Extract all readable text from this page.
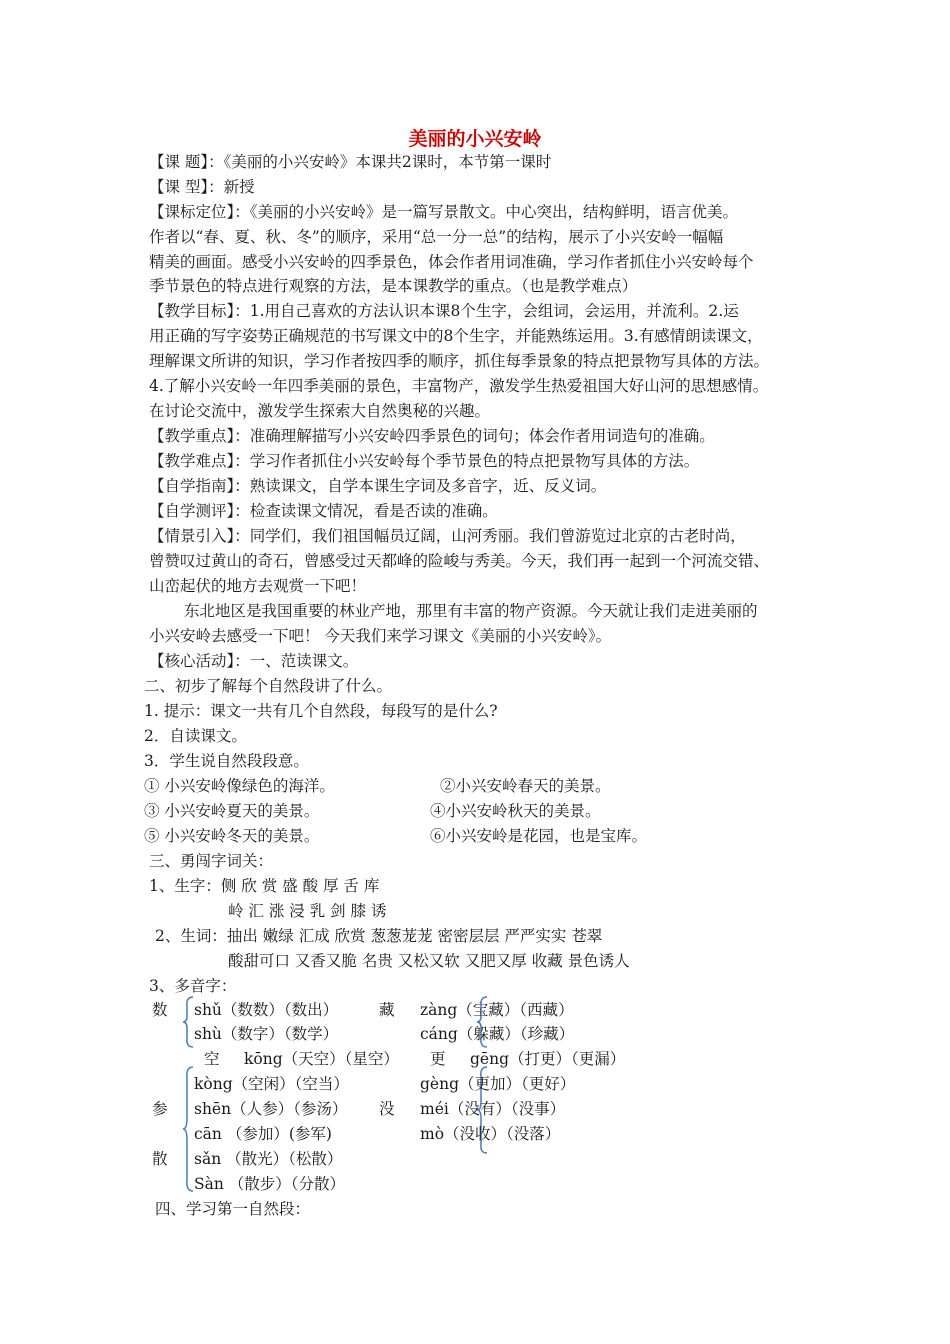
美丽的小兴安岭
【课 题】：《美丽的小兴安岭》本课共2课时，本节第一课时
【课 型】：新授
【课标定位】：《美丽的小兴安岭》是一篇写景散文。中心突出，结构鲜明，语言优美。
作者以“春、夏、秋、冬”的顺序，采用“总一分一总”的结构，展示了小兴安岭一幅幅
精美的画面。感受小兴安岭的四季景色，体会作者用词准确，学习作者抓住小兴安岭每个
季节景色的特点进行观察的方法，是本课教学的重点。（也是教学难点）
【教学目标】：1.用自己喜欢的方法认识本课8个生字，会组词，会运用，并流利。2.运
用正确的写字姿势正确规范的书写课文中的8个生字，并能熟练运用。3.有感情朗读课文，
理解课文所讲的知识，学习作者按四季的顺序，抓住每季景象的特点把景物写具体的方法。
4.了解小兴安岭一年四季美丽的景色，丰富物产，激发学生热爱祖国大好山河的思想感情。
在讨论交流中，激发学生探索大自然奥秘的兴趣。
【教学重点】：准确理解描写小兴安岭四季景色的词句；体会作者用词造句的准确。
【教学难点】：学习作者抓住小兴安岭每个季节景色的特点把景物写具体的方法。
【自学指南】：熟读课文，自学本课生字词及多音字，近、反义词。
【自学测评】：检查读课文情况，看是否读的准确。
【情景引入】：同学们，我们祖国幅员辽阔，山河秀丽。我们曾游览过北京的古老时尚，
曾赞叹过黄山的奇石，曾感受过天都峰的险峻与秀美。今天，我们再一起到一个河流交错、
山峦起伏的地方去观赏一下吧！
东北地区是我国重要的林业产地，那里有丰富的物产资源。今天就让我们走进美丽的
小兴安岭去感受一下吧！ 今天我们来学习课文《美丽的小兴安岭》。
【核心活动】：一、范读课文。
二、初步了解每个自然段讲了什么。
1. 提示：课文一共有几个自然段，每段写的是什么?
2．自读课文。
3．学生说自然段段意。
① 小兴安岭像绿色的海洋。	②小兴安岭春天的美景。
③ 小兴安岭夏天的美景。	④小兴安岭秋天的美景。
⑤ 小兴安岭冬天的美景。	⑥小兴安岭是花园，也是宝库。
三、勇闯字词关：
1、生字：侧 欣 赏 盛 酸 厚 舌 库
岭 汇 涨 浸 乳 剑 膝 诱
2、生词：抽出 嫩绿 汇成 欣赏 葱葱茏茏 密密层层 严严实实 苍翠
酸甜可口 又香又脆 名贵 又松又软 又肥又厚 收藏 景色诱人
3、多音字：
数 shǔ（数数）（数出）	藏 zàng（宝藏）（西藏）
shù（数字）（数学）	cáng（躲藏）（珍藏）
空 kōng（天空）（星空） 更 gēng（打更）（更漏）
kòng（空闲）（空当）	gèng（更加）（更好）
参 shēn（人参）（参汤） 没 méi（没有）（没事）
cān （参加）(参军)	mò（没收）（没落）
散 sǎn （散光）（松散）
Sàn （散步）（分散）
四、学习第一自然段：
